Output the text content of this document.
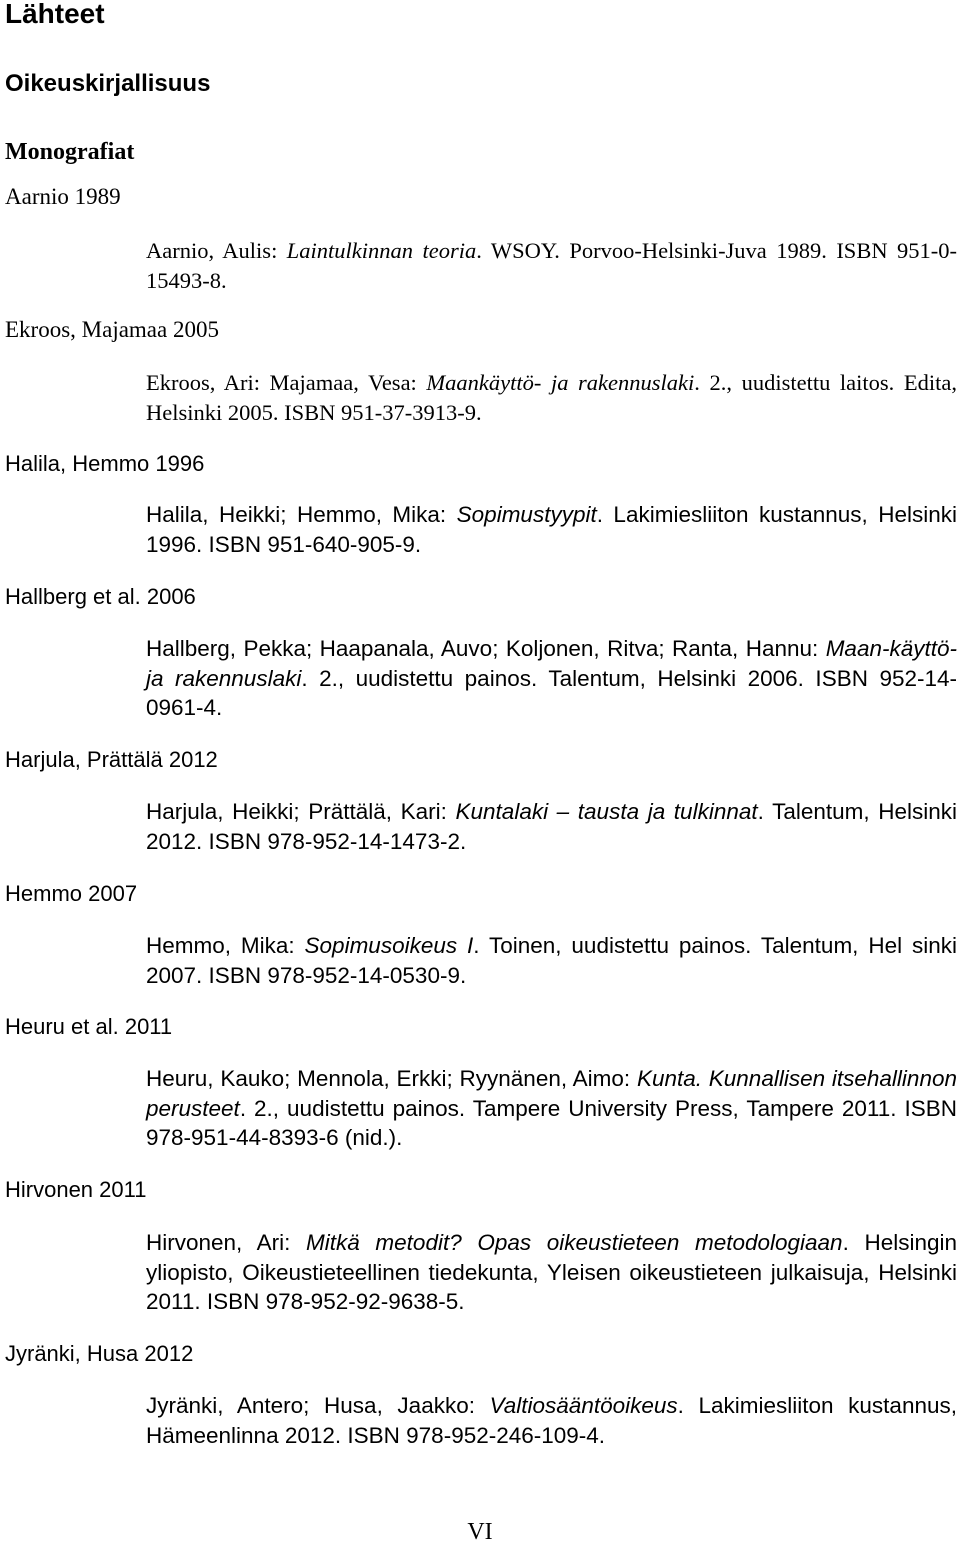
Lähteet
Oikeuskirjallisuus
Monografiat
Aarnio 1989

Aarnio, Aulis: Laintulkinnan teoria. WSOY. Porvoo-Helsinki-Juva 1989. ISBN 951-0-15493-8.

Ekroos, Majamaa 2005

Ekroos, Ari: Majamaa, Vesa: Maankäyttö- ja rakennuslaki. 2., uudistettu laitos. Edita, Helsinki 2005. ISBN 951-37-3913-9.

Halila, Hemmo 1996

Halila, Heikki; Hemmo, Mika: Sopimustyypit. Lakimiesliiton kustannus, Helsinki 1996. ISBN 951-640-905-9.

Hallberg et al. 2006

Hallberg, Pekka; Haapanala, Auvo; Koljonen, Ritva; Ranta, Hannu: Maan-käyttö- ja rakennuslaki. 2., uudistettu painos. Talentum, Helsinki 2006. ISBN 952-14-0961-4.

Harjula, Prättälä 2012

Harjula, Heikki; Prättälä, Kari: Kuntalaki – tausta ja tulkinnat. Talentum, Helsinki 2012. ISBN 978-952-14-1473-2.

Hemmo 2007

Hemmo, Mika: Sopimusoikeus I. Toinen, uudistettu painos. Talentum, Hel sinki 2007. ISBN 978-952-14-0530-9.

Heuru et al. 2011

Heuru, Kauko; Mennola, Erkki; Ryynänen, Aimo: Kunta. Kunnallisen itsehallinnon perusteet. 2., uudistettu painos. Tampere University Press, Tampere 2011. ISBN 978-951-44-8393-6 (nid.).

Hirvonen 2011

Hirvonen, Ari: Mitkä metodit? Opas oikeustieteen metodologiaan. Helsingin yliopisto, Oikeustieteellinen tiedekunta, Yleisen oikeustieteen julkaisuja, Helsinki 2011. ISBN 978-952-92-9638-5.

Jyränki, Husa 2012

Jyränki, Antero; Husa, Jaakko: Valtiosääntöoikeus. Lakimiesliiton kustannus, Hämeenlinna 2012. ISBN 978-952-246-109-4.

VI
